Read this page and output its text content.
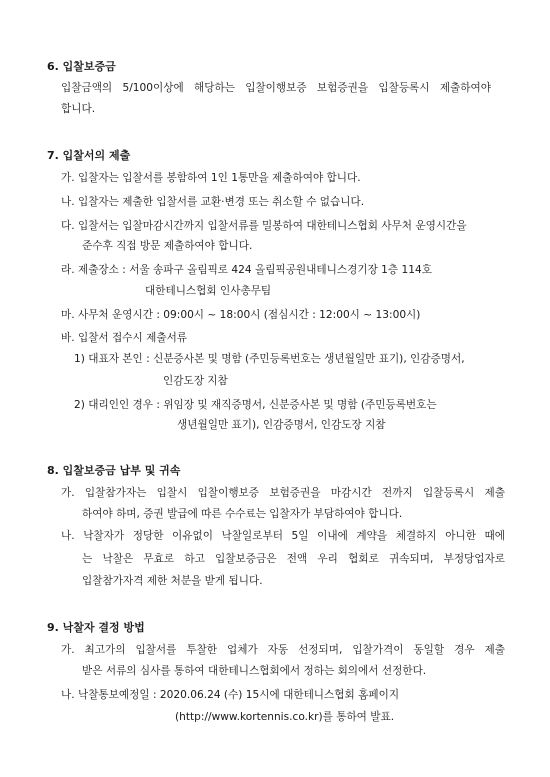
6. 입찰보증금
입찰금액의 5/100이상에 해당하는 입찰이행보증 보험증권을 입찰등록시 제출하여야
합니다.
7. 입찰서의 제출
가. 입찰자는 입찰서를 봉함하여 1인 1통만을 제출하여야 합니다.
나. 입찰자는 제출한 입찰서를 교환·변경 또는 취소할 수 없습니다.
다. 입찰서는 입찰마감시간까지 입찰서류를 밀봉하여 대한테니스협회 사무처 운영시간을
준수후 직접 방문 제출하여야 합니다.
라. 제출장소 : 서울 송파구 올림픽로 424 올림픽공원내테니스경기장 1층 114호
대한테니스협회 인사총무팀
마. 사무처 운영시간 : 09:00시 ~ 18:00시 (점심시간 : 12:00시 ~ 13:00시)
바. 입찰서 접수시 제출서류
1) 대표자 본인 : 신분증사본 및 명함 (주민등록번호는 생년월일만 표기), 인감증명서,
인감도장 지참
2) 대리인인 경우 : 위임장 및 재직증명서, 신분증사본 및 명함 (주민등록번호는
생년월일만 표기), 인감증명서, 인감도장 지참
8. 입찰보증금 납부 및 귀속
가. 입찰참가자는 입찰시 입찰이행보증 보험증권을 마감시간 전까지 입찰등록시 제출
하여야 하며, 증권 발급에 따른 수수료는 입찰자가 부담하여야 합니다.
나. 낙찰자가 정당한 이유없이 낙찰일로부터 5일 이내에 계약을 체결하지 아니한 때에
는 낙찰은 무효로 하고 입찰보증금은 전액 우리 협회로 귀속되며, 부정당업자로
입찰참가자격 제한 처분을 받게 됩니다.
9. 낙찰자 결정 방법
가. 최고가의 입찰서를 투찰한 업체가 자동 선정되며, 입찰가격이 동일할 경우 제출
받은 서류의 심사를 통하여 대한테니스협회에서 정하는 회의에서 선정한다.
나. 낙찰통보예정일 : 2020.06.24 (수) 15시에 대한테니스협회 홈페이지
(http://www.kortennis.co.kr)를 통하여 발표.
